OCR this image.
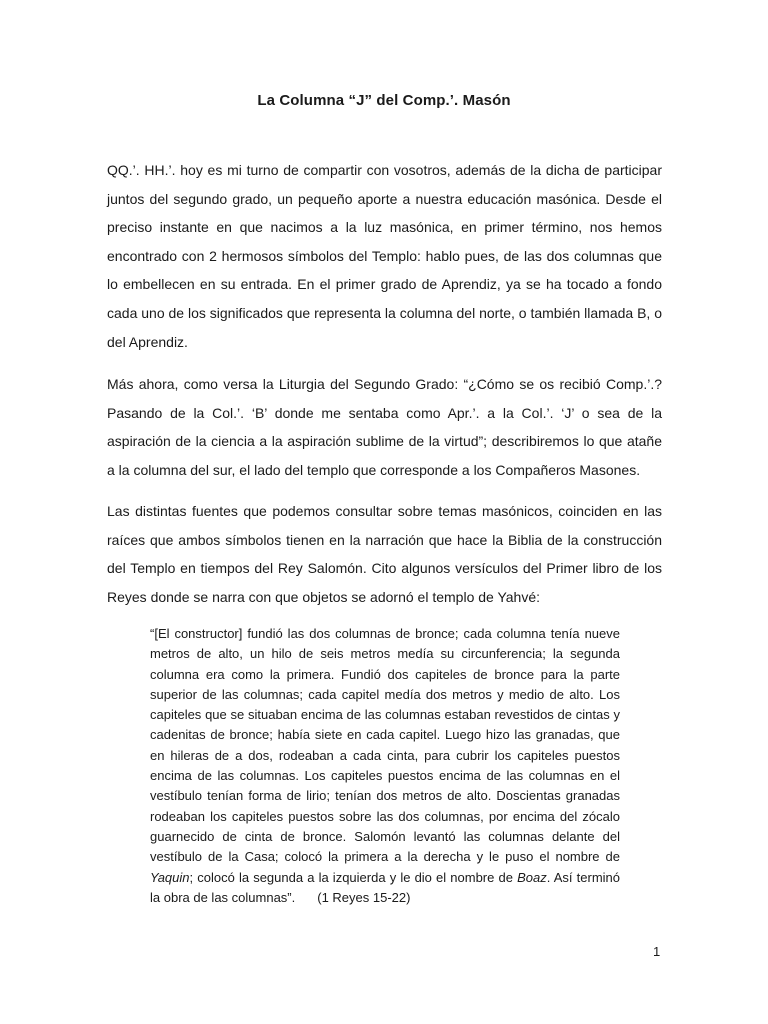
La Columna “J” del Comp.’. Masón

QQ.’. HH.’. hoy es mi turno de compartir con vosotros, además de la dicha de participar juntos del segundo grado, un pequeño aporte a nuestra educación masónica. Desde el preciso instante en que nacimos a la luz masónica, en primer término, nos hemos encontrado con 2 hermosos símbolos del Templo: hablo pues, de las dos columnas que lo embellecen en su entrada. En el primer grado de Aprendiz, ya se ha tocado a fondo cada uno de los significados que representa la columna del norte, o también llamada B, o del Aprendiz.

Más ahora, como versa la Liturgia del Segundo Grado: “¿Cómo se os recibió Comp.’.? Pasando de la Col.’. ‘B’ donde me sentaba como Apr.’. a la Col.’. ‘J’ o sea de la aspiración de la ciencia a la aspiración sublime de la virtud”; describiremos lo que atañe a la columna del sur, el lado del templo que corresponde a los Compañeros Masones.

Las distintas fuentes que podemos consultar sobre temas masónicos, coinciden en las raíces que ambos símbolos tienen en la narración que hace la Biblia de la construcción del Templo en tiempos del Rey Salomón. Cito algunos versículos del Primer libro de los Reyes donde se narra con que objetos se adornó el templo de Yahvé:

“[El constructor] fundió las dos columnas de bronce; cada columna tenía nueve metros de alto, un hilo de seis metros medía su circunferencia; la segunda columna era como la primera. Fundió dos capiteles de bronce para la parte superior de las columnas; cada capitel medía dos metros y medio de alto. Los capiteles que se situaban encima de las columnas estaban revestidos de cintas y cadenitas de bronce; había siete en cada capitel. Luego hizo las granadas, que en hileras de a dos, rodeaban a cada cinta, para cubrir los capiteles puestos encima de las columnas. Los capiteles puestos encima de las columnas en el vestíbulo tenían forma de lirio; tenían dos metros de alto. Doscientas granadas rodeaban los capiteles puestos sobre las dos columnas, por encima del zócalo guarnecido de cinta de bronce. Salomón levantó las columnas delante del vestíbulo de la Casa; colocó la primera a la derecha y le puso el nombre de Yaquin; colocó la segunda a la izquierda y le dio el nombre de Boaz. Así terminó la obra de las columnas”. (1 Reyes 15-22)

1
